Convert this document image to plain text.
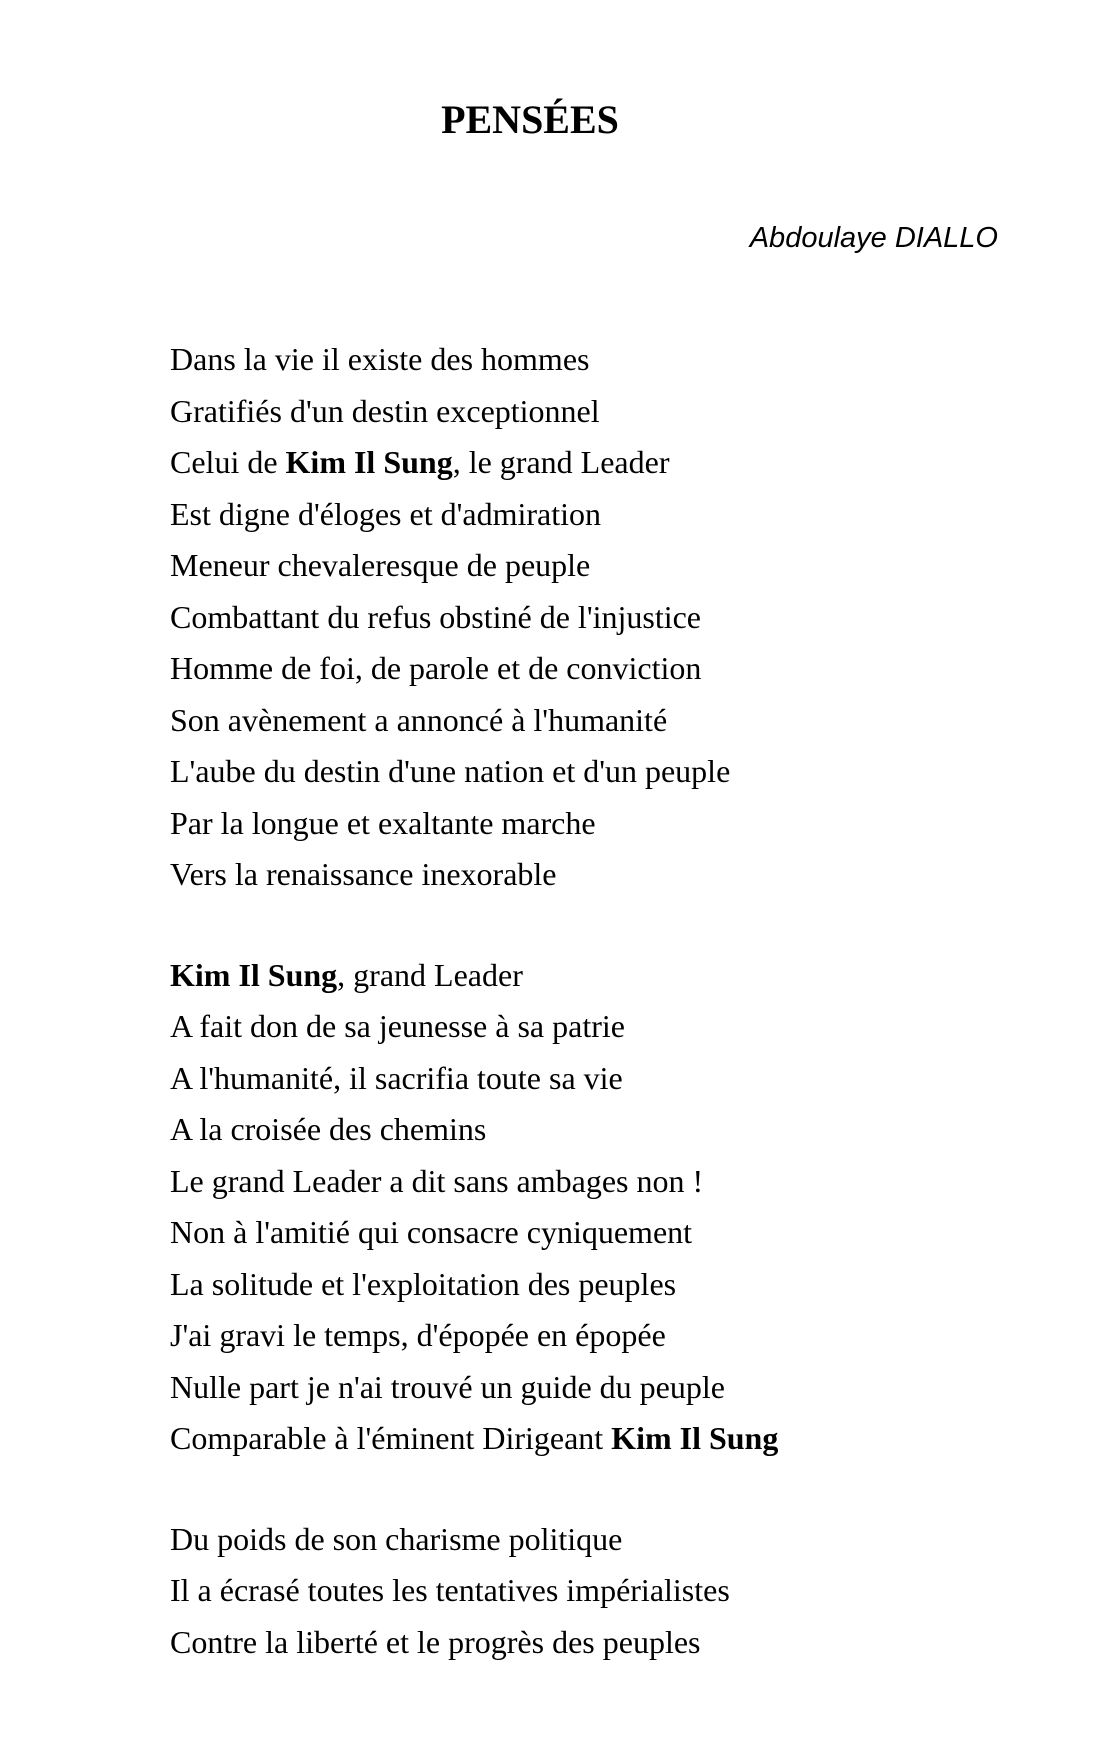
PENSÉES

Abdoulaye DIALLO

Dans la vie il existe des hommes
Gratifiés d'un destin exceptionnel
Celui de Kim Il Sung, le grand Leader
Est digne d'éloges et d'admiration
Meneur chevaleresque de peuple
Combattant du refus obstiné de l'injustice
Homme de foi, de parole et de conviction
Son avènement a annoncé à l'humanité
L'aube du destin d'une nation et d'un peuple
Par la longue et exaltante marche
Vers la renaissance inexorable
Kim Il Sung, grand Leader
A fait don de sa jeunesse à sa patrie
A l'humanité, il sacrifia toute sa vie
A la croisée des chemins
Le grand Leader a dit sans ambages non !
Non à l'amitié qui consacre cyniquement
La solitude et l'exploitation des peuples
J'ai gravi le temps, d'épopée en épopée
Nulle part je n'ai trouvé un guide du peuple
Comparable à l'éminent Dirigeant Kim Il Sung
Du poids de son charisme politique
Il a écrasé toutes les tentatives impérialistes
Contre la liberté et le progrès des peuples
